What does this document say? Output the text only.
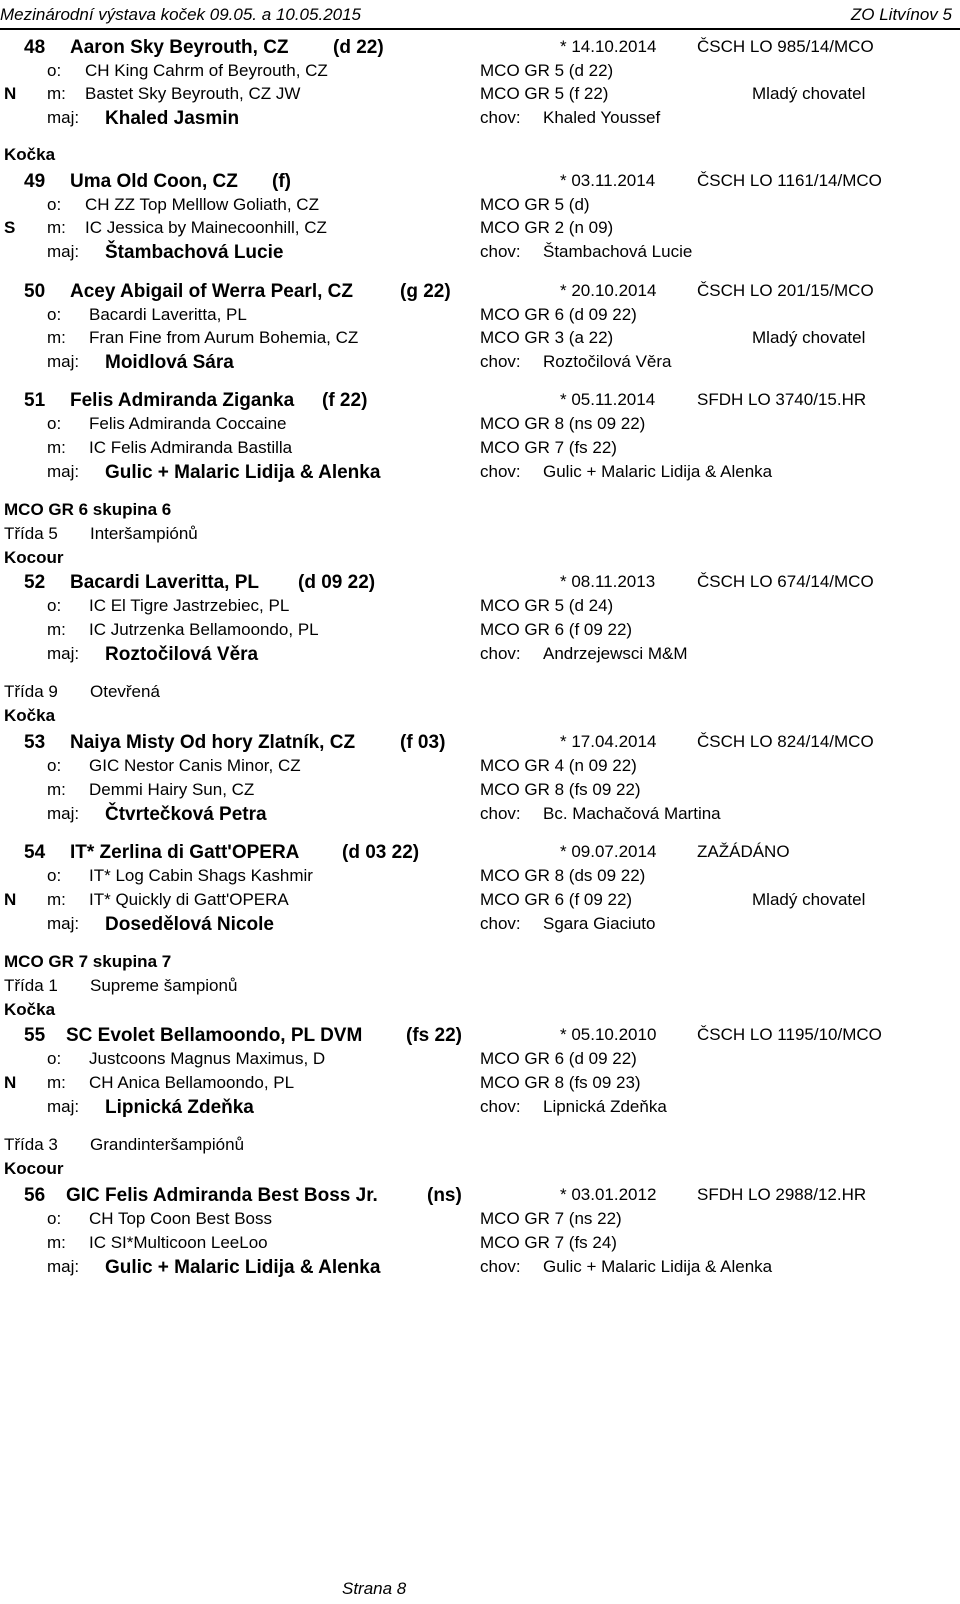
Mezinárodní výstava koček 09.05. a 10.05.2015	ZO Litvínov 5
48 Aaron Sky Beyrouth, CZ (d 22)	* 14.10.2014 ČSCH LO 985/14/MCO
o: CH King Cahrm of Beyrouth, CZ	MCO GR 5 (d 22)
N m: Bastet Sky Beyrouth, CZ JW	MCO GR 5 (f 22)	Mladý chovatel
maj: Khaled Jasmin	chov: Khaled Youssef
Kočka
49 Uma Old Coon, CZ (f)	* 03.11.2014 ČSCH LO 1161/14/MCO
o: CH ZZ Top Melllow Goliath, CZ	MCO GR 5 (d)
S m: IC Jessica by Mainecoonhill, CZ	MCO GR 2 (n 09)
maj: Štambachová Lucie	chov: Štambachová Lucie
50 Acey Abigail of Werra Pearl, CZ (g 22)	* 20.10.2014 ČSCH LO 201/15/MCO
o: Bacardi Laveritta, PL	MCO GR 6 (d 09 22)
m: Fran Fine from Aurum Bohemia, CZ	MCO GR 3 (a 22)	Mladý chovatel
maj: Moidlová Sára	chov: Roztočilová Věra
51 Felis Admiranda Ziganka (f 22)	* 05.11.2014 SFDH LO 3740/15.HR
o: Felis Admiranda Coccaine	MCO GR 8 (ns 09 22)
m: IC Felis Admiranda Bastilla	MCO GR 7 (fs 22)
maj: Gulic + Malaric Lidija & Alenka	chov: Gulic + Malaric Lidija & Alenka
MCO GR 6 skupina 6
Třída 5 Interšampiónů
Kocour
52 Bacardi Laveritta, PL (d 09 22)	* 08.11.2013 ČSCH LO 674/14/MCO
o: IC El Tigre Jastrzebiec, PL	MCO GR 5 (d 24)
m: IC Jutrzenka Bellamoondo, PL	MCO GR 6 (f 09 22)
maj: Roztočilová Věra	chov: Andrzejewsci M&M
Třída 9 Otevřená
Kočka
53 Naiya Misty Od hory Zlatník, CZ (f 03)	* 17.04.2014 ČSCH LO 824/14/MCO
o: GIC Nestor Canis Minor, CZ	MCO GR 4 (n 09 22)
m: Demmi Hairy Sun, CZ	MCO GR 8 (fs 09 22)
maj: Čtvrtečková Petra	chov: Bc. Machačová Martina
54 IT* Zerlina di Gatt'OPERA (d 03 22)	* 09.07.2014 ZAŽÁDÁNO
o: IT* Log Cabin Shags Kashmir	MCO GR 8 (ds 09 22)
N m: IT* Quickly di Gatt'OPERA	MCO GR 6 (f 09 22)	Mladý chovatel
maj: Dosedělová Nicole	chov: Sgara Giaciuto
MCO GR 7 skupina 7
Třída 1 Supreme šampionů
Kočka
55 SC Evolet Bellamoondo, PL DVM (fs 22)	* 05.10.2010 ČSCH LO 1195/10/MCO
o: Justcoons Magnus Maximus, D	MCO GR 6 (d 09 22)
N m: CH Anica Bellamoondo, PL	MCO GR 8 (fs 09 23)
maj: Lipnická Zdeňka	chov: Lipnická Zdeňka
Třída 3 Grandinteršampiónů
Kocour
56 GIC Felis Admiranda Best Boss Jr.	(ns)	* 03.01.2012 SFDH LO 2988/12.HR
o: CH Top Coon Best Boss	MCO GR 7 (ns 22)
m: IC SI*Multicoon LeeLoo	MCO GR 7 (fs 24)
maj: Gulic + Malaric Lidija & Alenka	chov: Gulic + Malaric Lidija & Alenka
Strana 8
